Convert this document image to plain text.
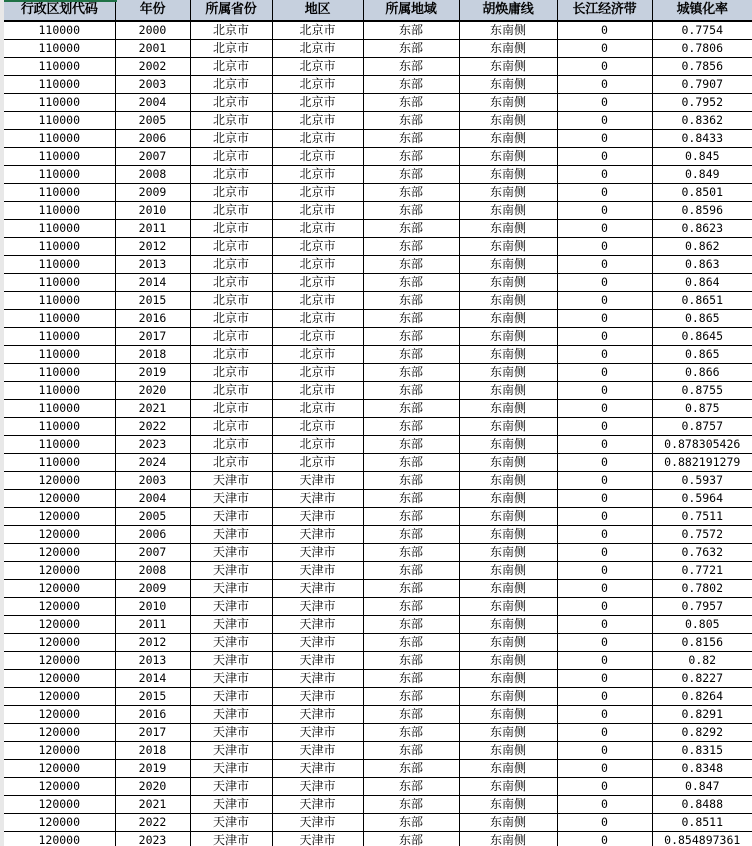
行政区划代码	年份	所属省份	地区	所属地域	胡焕庸线	长江经济带	城镇化率
110000	2000	北京市	北京市	东部	东南侧	0	0.7754
110000	2001	北京市	北京市	东部	东南侧	0	0.7806
110000	2002	北京市	北京市	东部	东南侧	0	0.7856
110000	2003	北京市	北京市	东部	东南侧	0	0.7907
110000	2004	北京市	北京市	东部	东南侧	0	0.7952
110000	2005	北京市	北京市	东部	东南侧	0	0.8362
110000	2006	北京市	北京市	东部	东南侧	0	0.8433
110000	2007	北京市	北京市	东部	东南侧	0	0.845
110000	2008	北京市	北京市	东部	东南侧	0	0.849
110000	2009	北京市	北京市	东部	东南侧	0	0.8501
110000	2010	北京市	北京市	东部	东南侧	0	0.8596
110000	2011	北京市	北京市	东部	东南侧	0	0.8623
110000	2012	北京市	北京市	东部	东南侧	0	0.862
110000	2013	北京市	北京市	东部	东南侧	0	0.863
110000	2014	北京市	北京市	东部	东南侧	0	0.864
110000	2015	北京市	北京市	东部	东南侧	0	0.8651
110000	2016	北京市	北京市	东部	东南侧	0	0.865
110000	2017	北京市	北京市	东部	东南侧	0	0.8645
110000	2018	北京市	北京市	东部	东南侧	0	0.865
110000	2019	北京市	北京市	东部	东南侧	0	0.866
110000	2020	北京市	北京市	东部	东南侧	0	0.8755
110000	2021	北京市	北京市	东部	东南侧	0	0.875
110000	2022	北京市	北京市	东部	东南侧	0	0.8757
110000	2023	北京市	北京市	东部	东南侧	0	0.878305426
110000	2024	北京市	北京市	东部	东南侧	0	0.882191279
120000	2003	天津市	天津市	东部	东南侧	0	0.5937
120000	2004	天津市	天津市	东部	东南侧	0	0.5964
120000	2005	天津市	天津市	东部	东南侧	0	0.7511
120000	2006	天津市	天津市	东部	东南侧	0	0.7572
120000	2007	天津市	天津市	东部	东南侧	0	0.7632
120000	2008	天津市	天津市	东部	东南侧	0	0.7721
120000	2009	天津市	天津市	东部	东南侧	0	0.7802
120000	2010	天津市	天津市	东部	东南侧	0	0.7957
120000	2011	天津市	天津市	东部	东南侧	0	0.805
120000	2012	天津市	天津市	东部	东南侧	0	0.8156
120000	2013	天津市	天津市	东部	东南侧	0	0.82
120000	2014	天津市	天津市	东部	东南侧	0	0.8227
120000	2015	天津市	天津市	东部	东南侧	0	0.8264
120000	2016	天津市	天津市	东部	东南侧	0	0.8291
120000	2017	天津市	天津市	东部	东南侧	0	0.8292
120000	2018	天津市	天津市	东部	东南侧	0	0.8315
120000	2019	天津市	天津市	东部	东南侧	0	0.8348
120000	2020	天津市	天津市	东部	东南侧	0	0.847
120000	2021	天津市	天津市	东部	东南侧	0	0.8488
120000	2022	天津市	天津市	东部	东南侧	0	0.8511
120000	2023	天津市	天津市	东部	东南侧	0	0.854897361
